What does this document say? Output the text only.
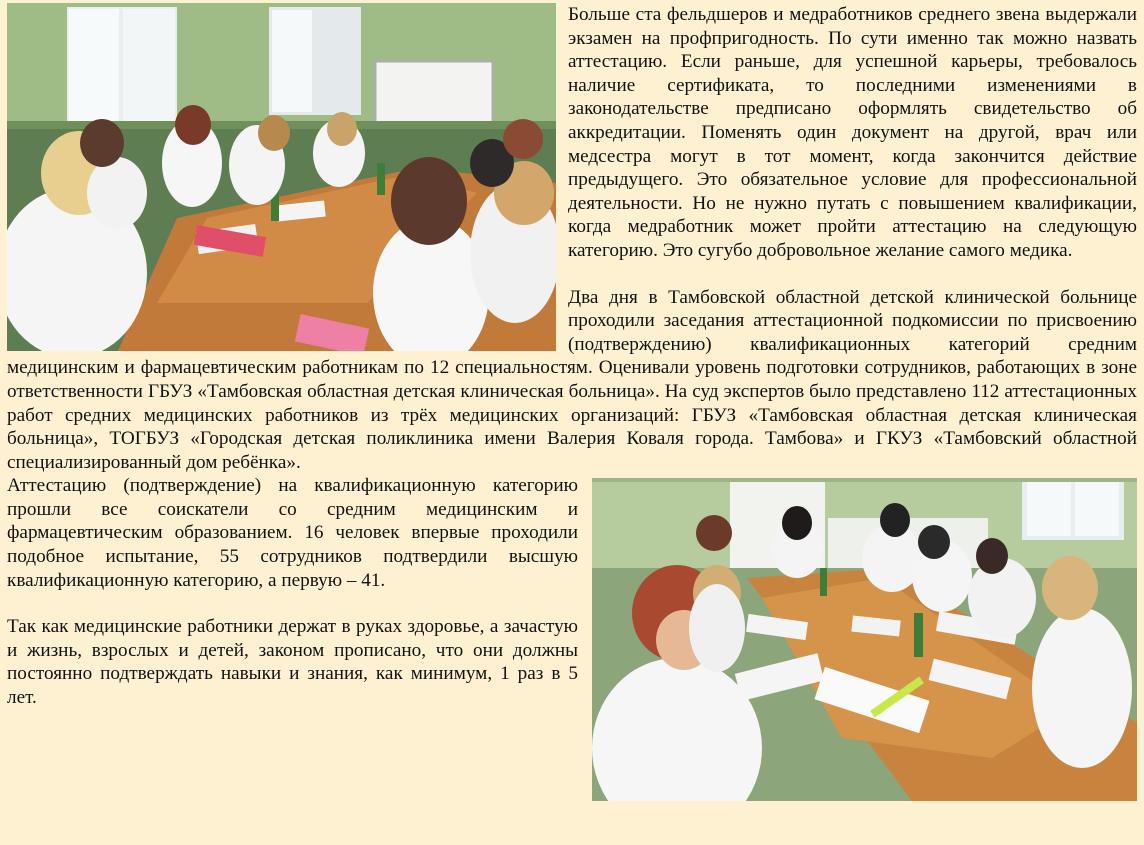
Больше ста фельдшеров и медработников среднего звена выдержали экзамен на профпригодность. По сути именно так можно назвать аттестацию. Если раньше, для успешной карьеры, требовалось наличие сертификата, то последними изменениями в законодательстве предписано оформлять свидетельство об аккредитации. Поменять один документ на другой, врач или медсестра могут в тот момент, когда закончится действие предыдущего. Это обязательное условие для профессиональной деятельности. Но не нужно путать с повышением квалификации, когда медработник может пройти аттестацию на следующую категорию. Это сугубо добровольное желание самого медика.

Два дня в Тамбовской областной детской клинической больнице проходили заседания аттестационной подкомиссии по присвоению (подтверждению) квалификационных категорий средним медицинским и фармацевтическим работникам по 12 специальностям. Оценивали уровень подготовки сотрудников, работающих в зоне ответственности ГБУЗ «Тамбовская областная детская клиническая больница». На суд экспертов было представлено 112 аттестационных работ средних медицинских работников из трёх медицинских организаций: ГБУЗ «Тамбовская областная детская клиническая больница», ТОГБУЗ «Городская детская поликлиника имени Валерия Коваля города. Тамбова» и ГКУЗ «Тамбовский областной специализированный дом ребёнка».

Аттестацию (подтверждение) на квалификационную категорию прошли все соискатели со средним медицинским и фармацевтическим образованием. 16 человек впервые проходили подобное испытание, 55 сотрудников подтвердили высшую квалификационную категорию, а первую – 41.

Так как медицинские работники держат в руках здоровье, а зачастую и жизнь, взрослых и детей, законом прописано, что они должны постоянно подтверждать навыки и знания, как минимум, 1 раз в 5 лет.
